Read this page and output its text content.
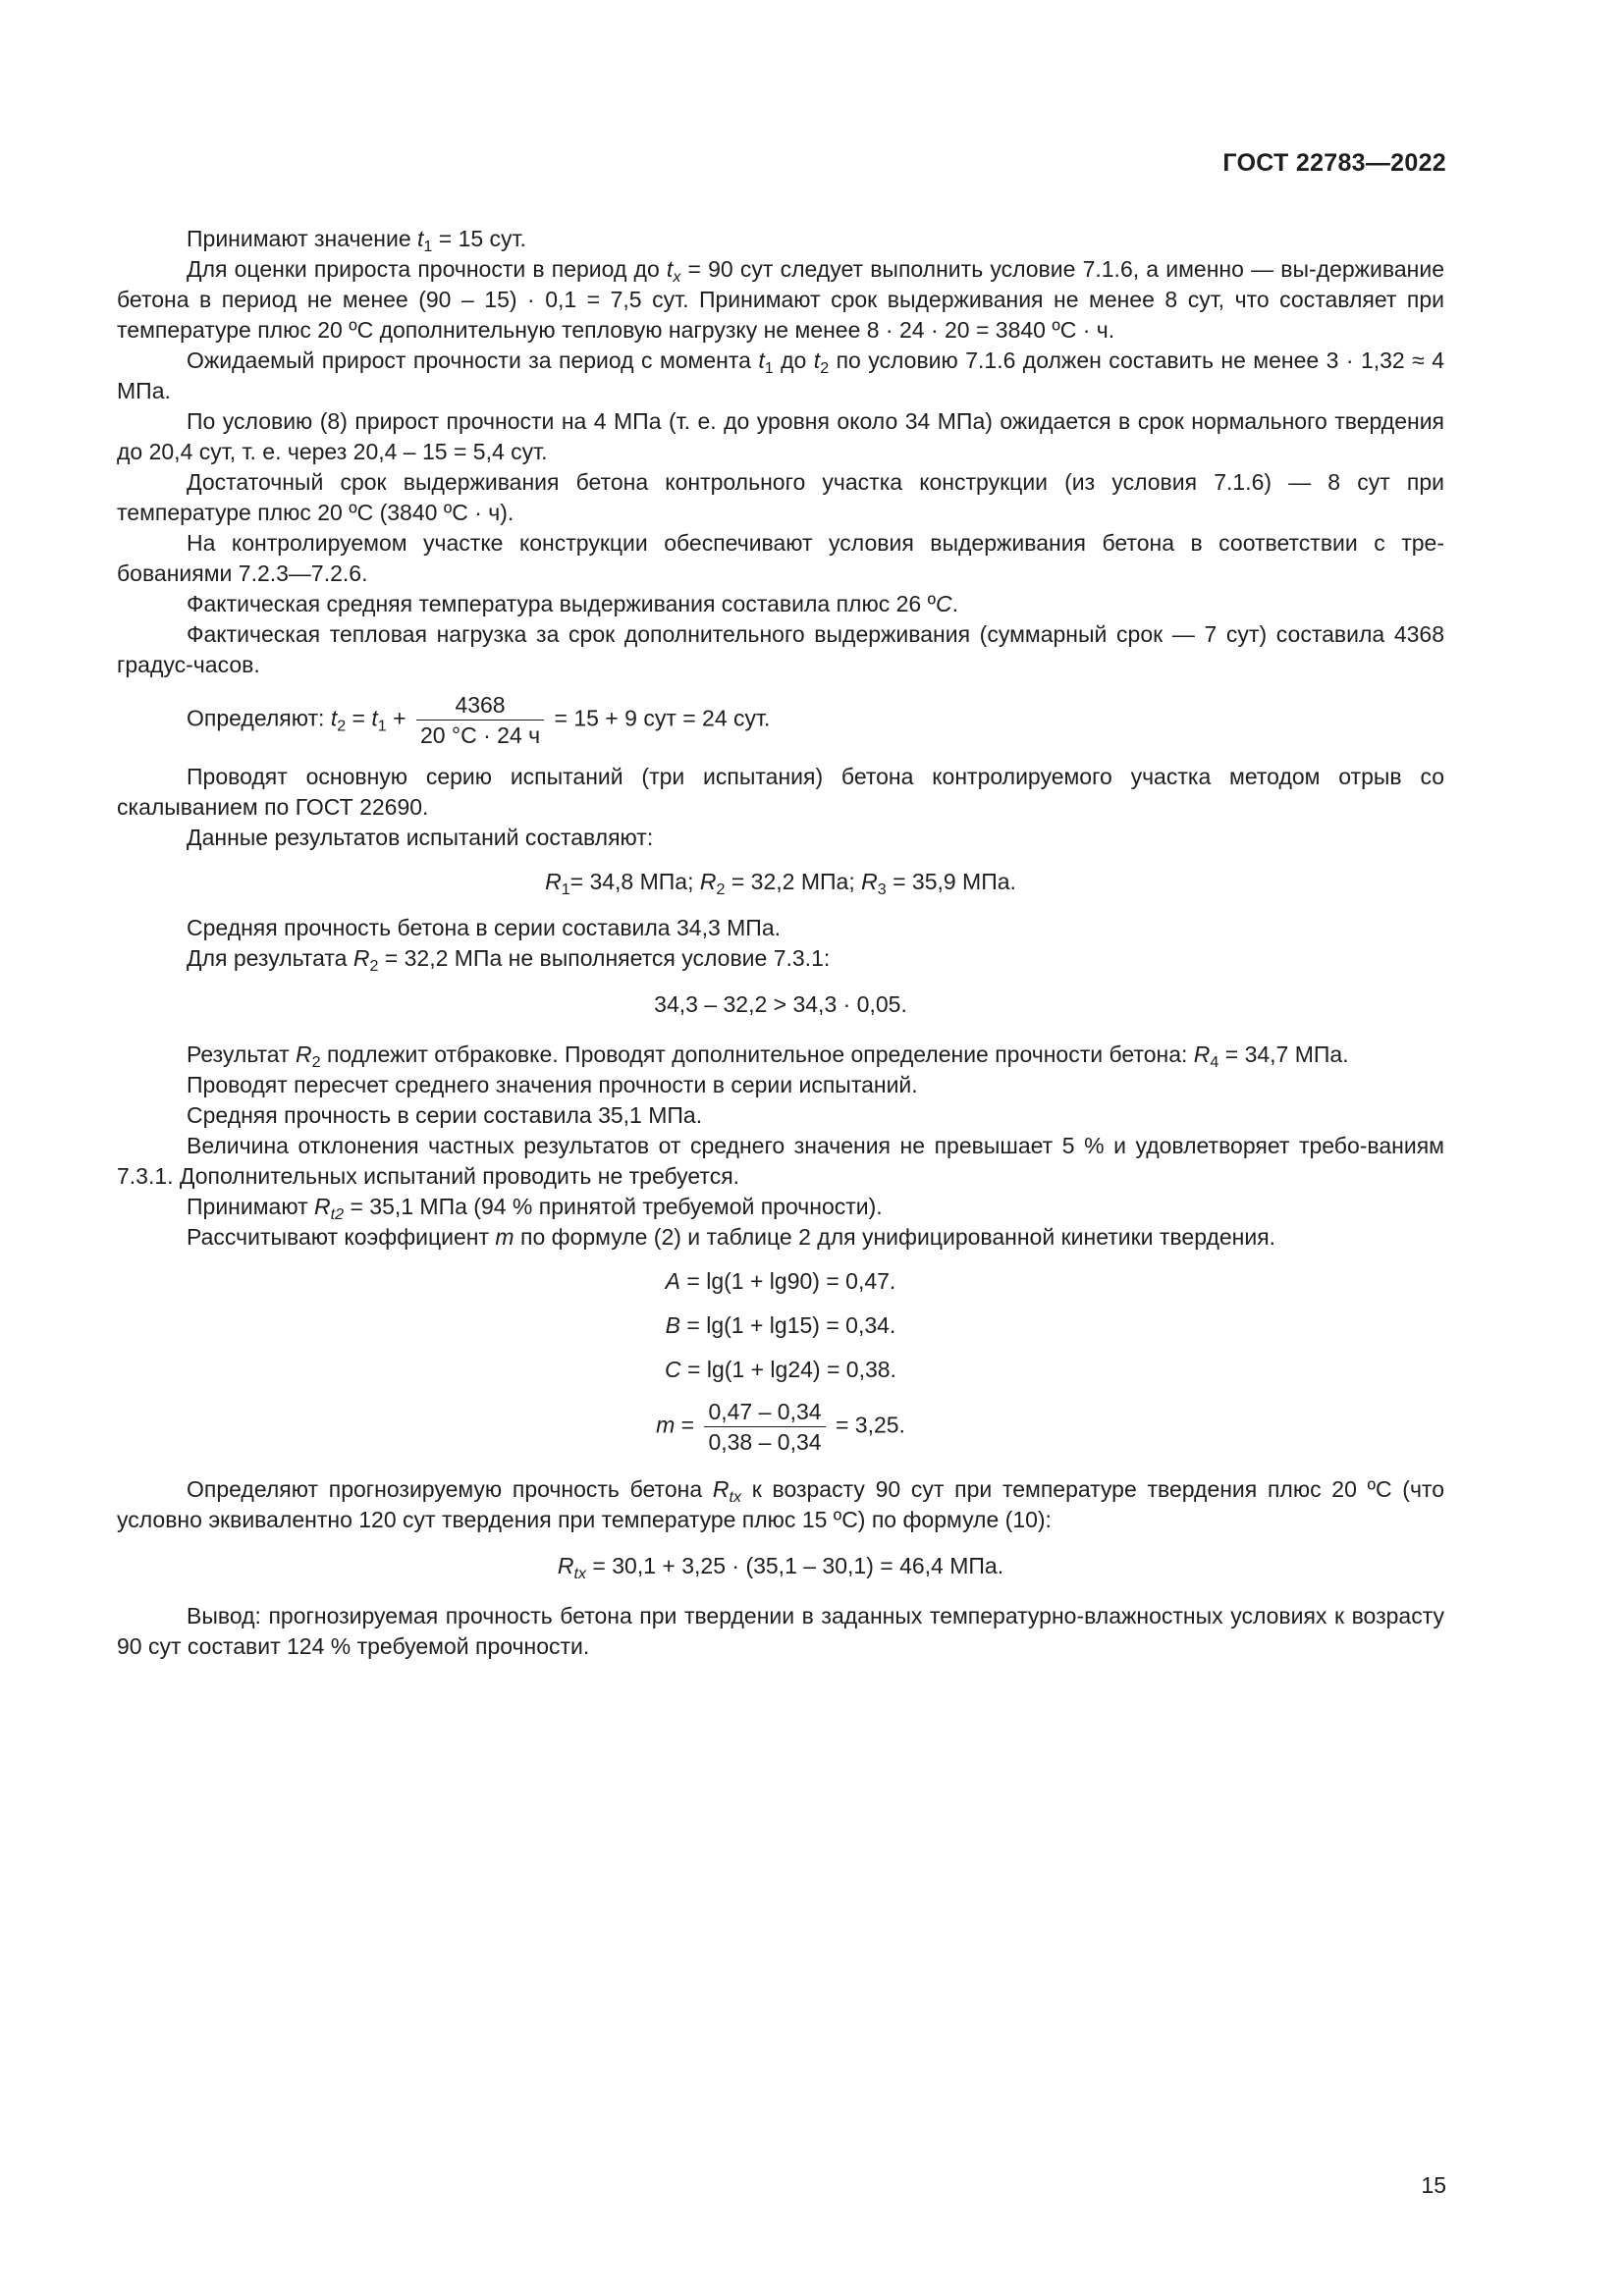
ГОСТ 22783—2022

Принимают значение $t_1 = 15$ сут.

Для оценки прироста прочности в период до $t_x = 90$ сут следует выполнить условие 7.1.6, а именно — вы-держивание бетона в период не менее (90 – 15) · 0,1 = 7,5 сут. Принимают срок выдерживания не менее 8 сут, что составляет при температуре плюс 20 ºС дополнительную тепловую нагрузку не менее 8 · 24 · 20 = 3840 ºС · ч.

Ожидаемый прирост прочности за период с момента $t_1$ до $t_2$ по условию 7.1.6 должен составить не менее 3 · 1,32 ≈ 4 МПа.

По условию (8) прирост прочности на 4 МПа (т. е. до уровня около 34 МПа) ожидается в срок нормального твердения до 20,4 сут, т. е. через 20,4 – 15 = 5,4 сут.

Достаточный срок выдерживания бетона контрольного участка конструкции (из условия 7.1.6) — 8 сут при температуре плюс 20 ºС (3840 ºС · ч).

На контролируемом участке конструкции обеспечивают условия выдерживания бетона в соответствии с тре-бованиями 7.2.3—7.2.6.

Фактическая средняя температура выдерживания составила плюс 26 ºС.

Фактическая тепловая нагрузка за срок дополнительного выдерживания (суммарный срок — 7 сут) составила 4368 градус-часов.

Определяют: $t_2 = t_1 + \frac{4368}{20 ^\circ С \cdot 24 ч} = 15 + 9$ сут = 24 сут.

Проводят основную серию испытаний (три испытания) бетона контролируемого участка методом отрыв со скалыванием по ГОСТ 22690.

Данные результатов испытаний составляют:

$R_1= 34,8$ МПа; $R_2 = 32,2$ МПа; $R_3 = 35,9$ МПа.

Средняя прочность бетона в серии составила 34,3 МПа.

Для результата $R_2 = 32,2$ МПа не выполняется условие 7.3.1:

34,3 – 32,2 > 34,3 · 0,05.

Результат $R_2$ подлежит отбраковке. Проводят дополнительное определение прочности бетона: $R_4 = 34,7$ МПа.

Проводят пересчет среднего значения прочности в серии испытаний.

Средняя прочность в серии составила 35,1 МПа.

Величина отклонения частных результатов от среднего значения не превышает 5 % и удовлетворяет требо-ваниям 7.3.1. Дополнительных испытаний проводить не требуется.

Принимают $R_{t2} = 35,1$ МПа (94 % принятой требуемой прочности).

Рассчитывают коэффициент m по формуле (2) и таблице 2 для унифицированной кинетики твердения.

A = lg(1 + lg90) = 0,47.

B = lg(1 + lg15) = 0,34.

C = lg(1 + lg24) = 0,38.

$m = \frac{0,47 - 0,34}{0,38 - 0,34} = 3,25$.

Определяют прогнозируемую прочность бетона $R_{tx}$ к возрасту 90 сут при температуре твердения плюс 20 ºС (что условно эквивалентно 120 сут твердения при температуре плюс 15 ºС) по формуле (10):

$R_{tx} = 30,1 + 3,25 \cdot (35,1 - 30,1) = 46,4$ МПа.

Вывод: прогнозируемая прочность бетона при твердении в заданных температурно-влажностных условиях к возрасту 90 сут составит 124 % требуемой прочности.

15
